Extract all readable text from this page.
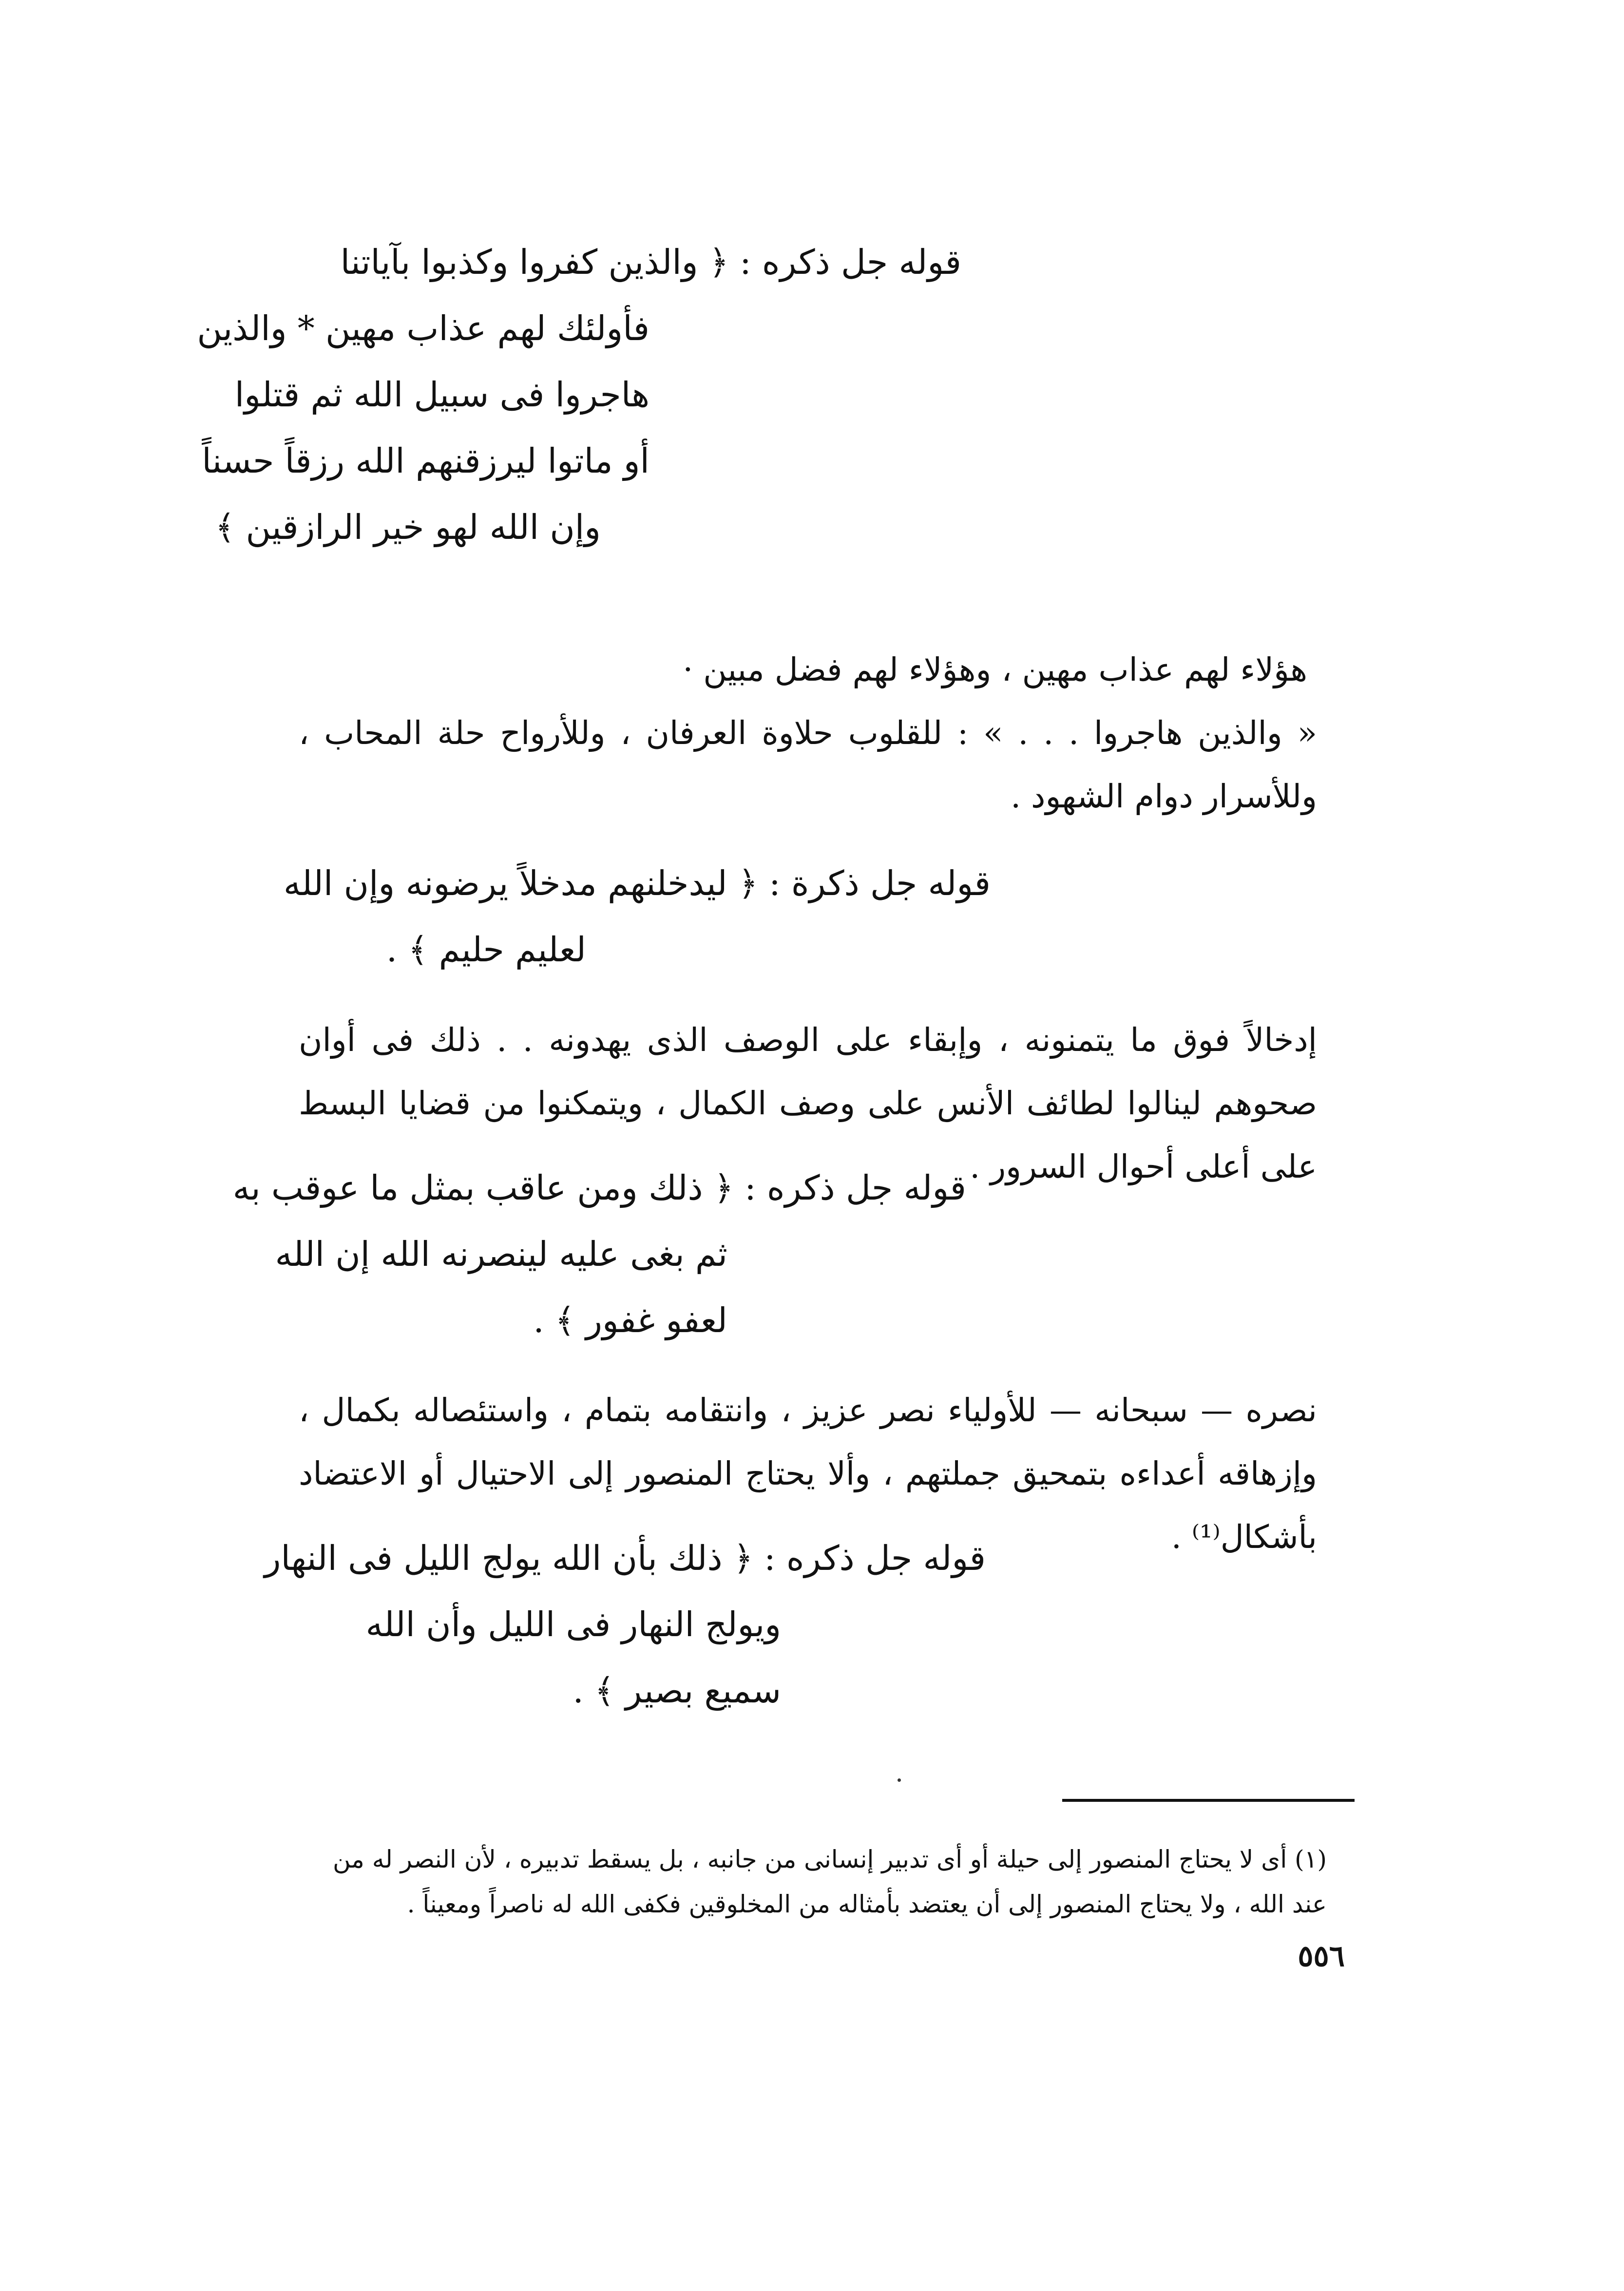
قوله جل ذكره : ﴿ والذين كفروا وكذبوا بآياتنا
فأولئك لهم عذاب مهين * والذين
هاجروا فى سبيل الله ثم قتلوا
أو ماتوا ليرزقنهم الله رزقاً حسناً
وإن الله لهو خير الرازقين ﴾

هؤلاء لهم عذاب مهين ، وهؤلاء لهم فضل مبين ·

« والذين هاجروا . . . » : للقلوب حلاوة العرفان ، وللأرواح حلة المحاب ، وللأسرار دوام الشهود .

قوله جل ذكرة : ﴿ ليدخلنهم مدخلاً يرضونه وإن الله
لعليم حليم ﴾ .

إدخالاً فوق ما يتمنونه ، وإبقاء على الوصف الذى يهدونه . . ذلك فى أوان صحوهم لينالوا لطائف الأنس على وصف الكمال ، ويتمكنوا من قضايا البسط على أعلى أحوال السرور .

قوله جل ذكره : ﴿ ذلك ومن عاقب بمثل ما عوقب به
ثم بغى عليه لينصرنه الله إن الله
لعفو غفور ﴾ .

نصره — سبحانه — للأولياء نصر عزيز ، وانتقامه بتمام ، واستئصاله بكمال ، وإزهاقه أعداءه بتمحيق جملتهم ، وألا يحتاج المنصور إلى الاحتيال أو الاعتضاد بأشكال⁽¹⁾ .

قوله جل ذكره : ﴿ ذلك بأن الله يولج الليل فى النهار
ويولج النهار فى الليل وأن الله
سميع بصير ﴾ .

(١) أى لا يحتاج المنصور إلى حيلة أو أى تدبير إنسانى من جانبه ، بل يسقط تدبيره ، لأن النصر له من عند الله ، ولا يحتاج المنصور إلى أن يعتضد بأمثاله من المخلوقين فكفى الله له ناصراً ومعيناً .

٥٥٦
